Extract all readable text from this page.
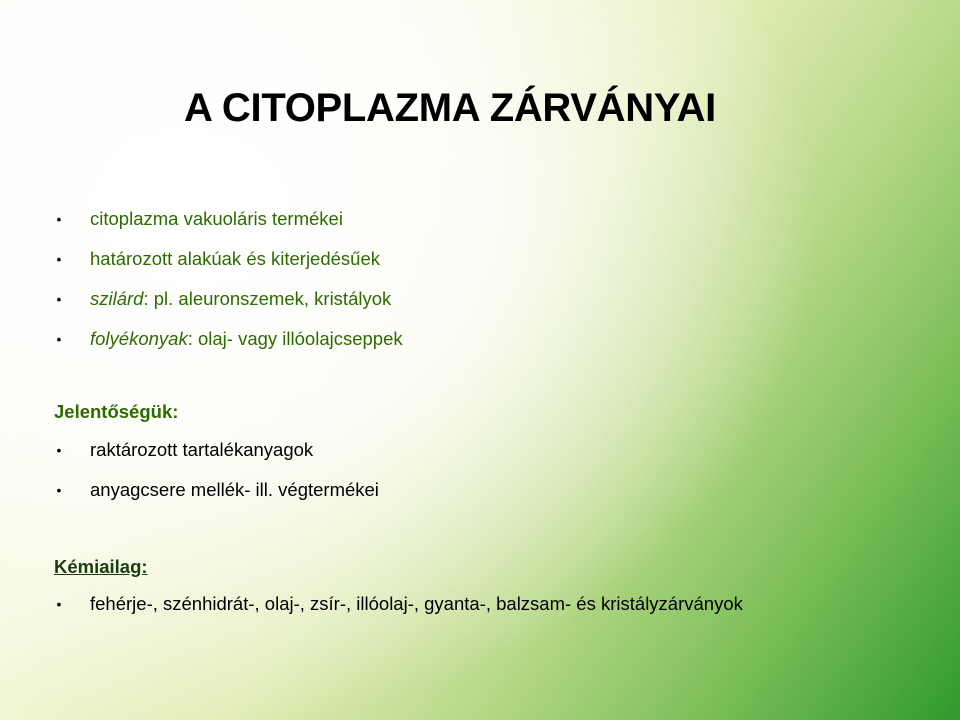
A CITOPLAZMA ZÁRVÁNYAI
• citoplazma vakuoláris termékei
• határozott alakúak és kiterjedésűek
• szilárd: pl. aleuronszemek, kristályok
• folyékonyak: olaj- vagy illóolajcseppek
Jelentőségük:
• raktározott tartalékanyagok
• anyagcsere mellék- ill. végtermékei
Kémiailag:
• fehérje-, szénhidrát-, olaj-, zsír-, illóolaj-, gyanta-, balzsam- és kristályzárványok
